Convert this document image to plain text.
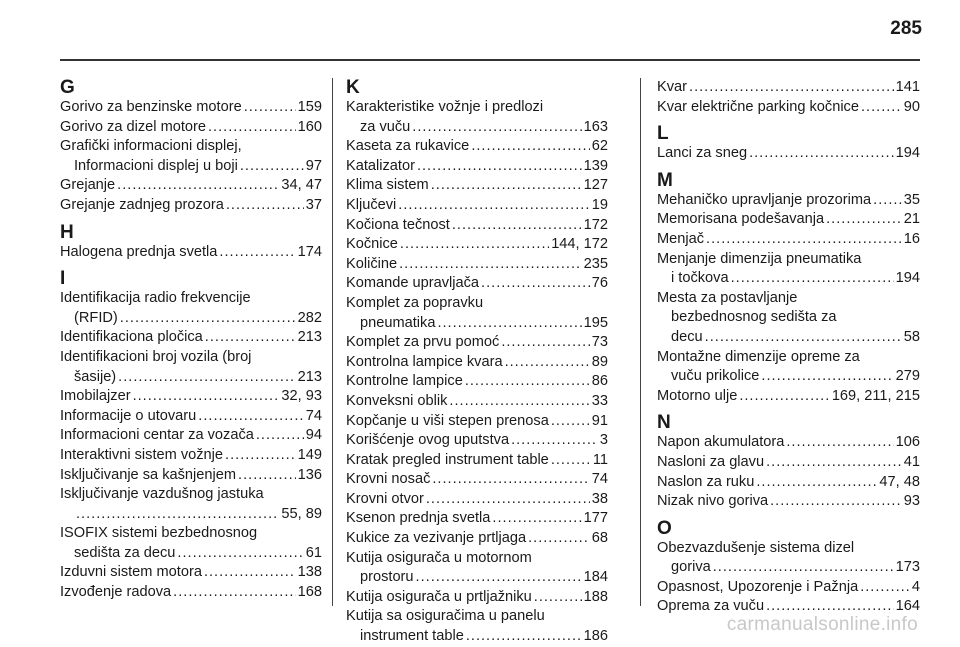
285
G
Gorivo za benzinske motore .....	159
Gorivo za dizel motore .....	160
Grafički informacioni displej,
Informacioni displej u boji .....	97
Grejanje .....	34, 47
Grejanje zadnjeg prozora .....	37
H
Halogena prednja svetla .....	174
I
Identifikacija radio frekvencije
(RFID) .....	282
Identifikaciona pločica .....	213
Identifikacioni broj vozila (broj
šasije) .....	213
Imobilajzer .....	32, 93
Informacije o utovaru .....	74
Informacioni centar za vozača .....	94
Interaktivni sistem vožnje .....	149
Isključivanje sa kašnjenjem .....	136
Isključivanje vazdušnog jastuka
.....
55, 89
ISOFIX sistemi bezbednosnog
sedišta za decu .....	61
Izduvni sistem motora .....	138
Izvođenje radova .....	168
K
Karakteristike vožnje i predlozi
za vuču .....	163
Kaseta za rukavice .....	62
Katalizator .....	139
Klima sistem .....	127
Ključevi .....	19
Kočiona tečnost .....	172
Kočnice .....	144, 172
Količine .....	235
Komande upravljača .....	76
Komplet za popravku
pneumatika .....	195
Komplet za prvu pomoć .....	73
Kontrolna lampice kvara .....	89
Kontrolne lampice .....	86
Konveksni oblik .....	33
Kopčanje u viši stepen prenosa .....	91
Korišćenje ovog uputstva .....	3
Kratak pregled instrument table .....	11
Krovni nosač .....	74
Krovni otvor .....	38
Ksenon prednja svetla .....	177
Kukice za vezivanje prtljaga .....	68
Kutija osigurača u motornom
prostoru .....	184
Kutija osigurača u prtljažniku .....	188
Kutija sa osiguračima u panelu
instrument table .....	186
Kvar .....	141
Kvar električne parking kočnice .....	90
L
Lanci za sneg .....	194
M
Mehaničko upravljanje prozorima ..... 35
Memorisana podešavanja .....	21
Menjač .....	16
Menjanje dimenzija pneumatika
i točkova .....	194
Mesta za postavljanje
bezbednosnog sedišta za
decu .....	58
Montažne dimenzije opreme za
vuču prikolice .....	279
Motorno ulje .....	169, 211, 215
N
Napon akumulatora .....	106
Nasloni za glavu .....	41
Naslon za ruku .....	47, 48
Nizak nivo goriva .....	93
O
Obezvazdušenje sistema dizel
goriva .....	173
Opasnost, Upozorenje i Pažnja .....	4
Oprema za vuču .....	164
carmanualsonline.info
